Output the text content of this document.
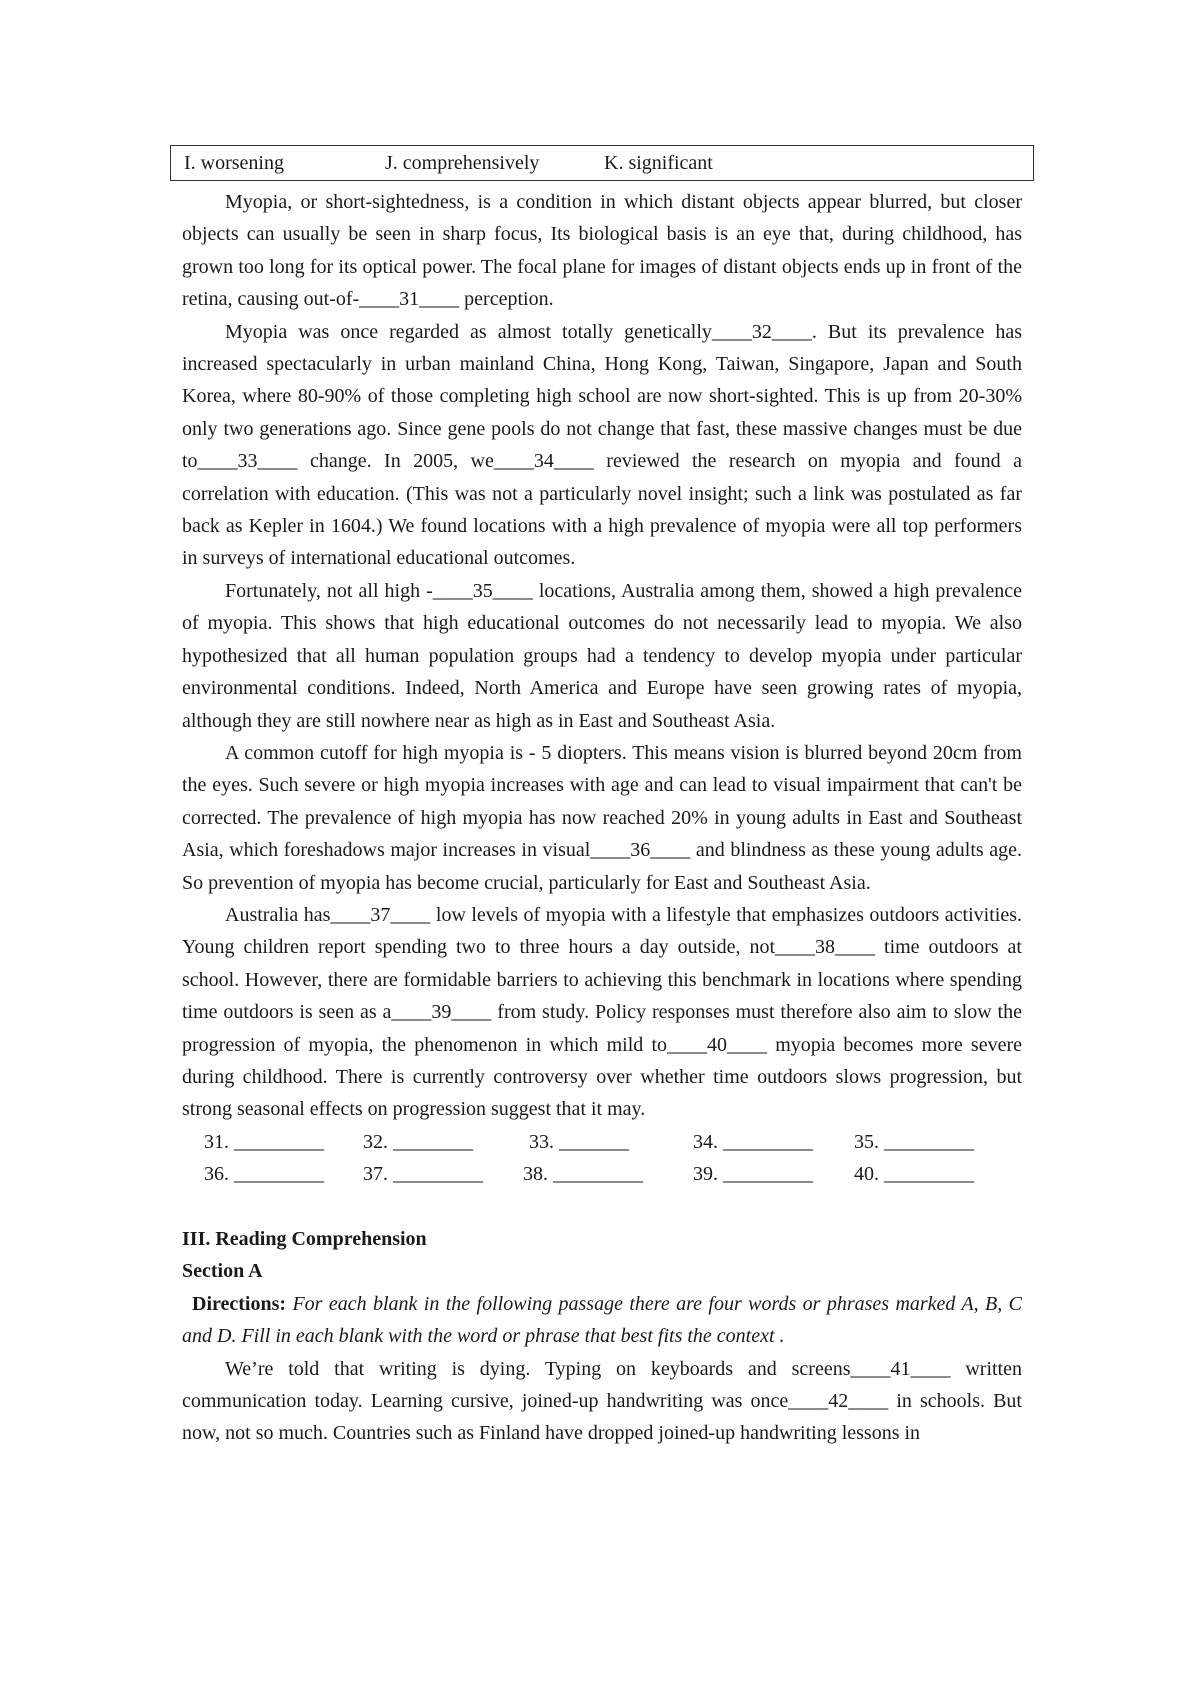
I. worsening	J. comprehensively	K. significant

Myopia, or short-sightedness, is a condition in which distant objects appear blurred, but closer objects can usually be seen in sharp focus, Its biological basis is an eye that, during childhood, has grown too long for its optical power. The focal plane for images of distant objects ends up in front of the retina, causing out-of-____31____ perception.

Myopia was once regarded as almost totally genetically____32____. But its prevalence has increased spectacularly in urban mainland China, Hong Kong, Taiwan, Singapore, Japan and South Korea, where 80-90% of those completing high school are now short-sighted. This is up from 20-30% only two generations ago. Since gene pools do not change that fast, these massive changes must be due to____33____ change. In 2005, we____34____ reviewed the research on myopia and found a correlation with education. (This was not a particularly novel insight; such a link was postulated as far back as Kepler in 1604.) We found locations with a high prevalence of myopia were all top performers in surveys of international educational outcomes.

Fortunately, not all high -____35____ locations, Australia among them, showed a high prevalence of myopia. This shows that high educational outcomes do not necessarily lead to myopia. We also hypothesized that all human population groups had a tendency to develop myopia under particular environmental conditions. Indeed, North America and Europe have seen growing rates of myopia, although they are still nowhere near as high as in East and Southeast Asia.

A common cutoff for high myopia is - 5 diopters. This means vision is blurred beyond 20cm from the eyes. Such severe or high myopia increases with age and can lead to visual impairment that can't be corrected. The prevalence of high myopia has now reached 20% in young adults in East and Southeast Asia, which foreshadows major increases in visual____36____ and blindness as these young adults age. So prevention of myopia has become crucial, particularly for East and Southeast Asia.

Australia has____37____ low levels of myopia with a lifestyle that emphasizes outdoors activities. Young children report spending two to three hours a day outside, not____38____ time outdoors at school. However, there are formidable barriers to achieving this benchmark in locations where spending time outdoors is seen as a____39____ from study. Policy responses must therefore also aim to slow the progression of myopia, the phenomenon in which mild to____40____ myopia becomes more severe during childhood. There is currently controversy over whether time outdoors slows progression, but strong seasonal effects on progression suggest that it may.

31. _________ 32. ________	33. _______	34. _________ 35. _________
36. _________ 37. _________ 38. _________	39. _________ 40. _________

III. Reading Comprehension

Section A

Directions: For each blank in the following passage there are four words or phrases marked A, B, C and D. Fill in each blank with the word or phrase that best fits the context .

We’re told that writing is dying. Typing on keyboards and screens____41____ written communication today. Learning cursive, joined-up handwriting was once____42____ in schools. But now, not so much. Countries such as Finland have dropped joined-up handwriting lessons in
